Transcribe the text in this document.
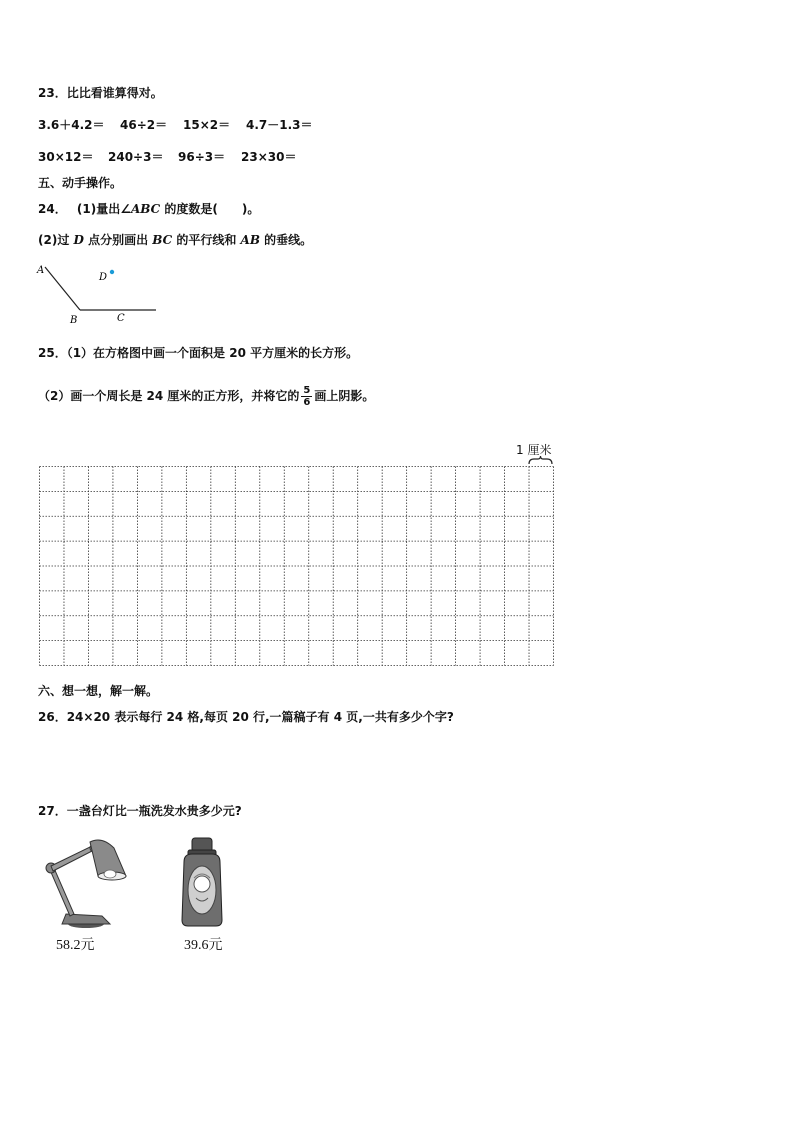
23．比比看谁算得对。
3.6＋4.2＝ 46÷2＝ 15×2＝ 4.7－1.3＝
30×12＝ 240÷3＝ 96÷3＝ 23×30＝
五、动手操作。
24． (1)量出∠ABC 的度数是(　　)。
(2)过 D 点分别画出 BC 的平行线和 AB 的垂线。
A
B	C
D
25．（1）在方格图中画一个面积是 20 平方厘米的长方形。
（2）画一个周长是 24 厘米的正方形，并将它的 $\frac{5}{6}$ 画上阴影。
1 厘米
六、想一想，解一解。
26．24×20 表示每行 24 格,每页 20 行,一篇稿子有 4 页,一共有多少个字?
27．一盏台灯比一瓶洗发水贵多少元?
58.2元	39.6元
